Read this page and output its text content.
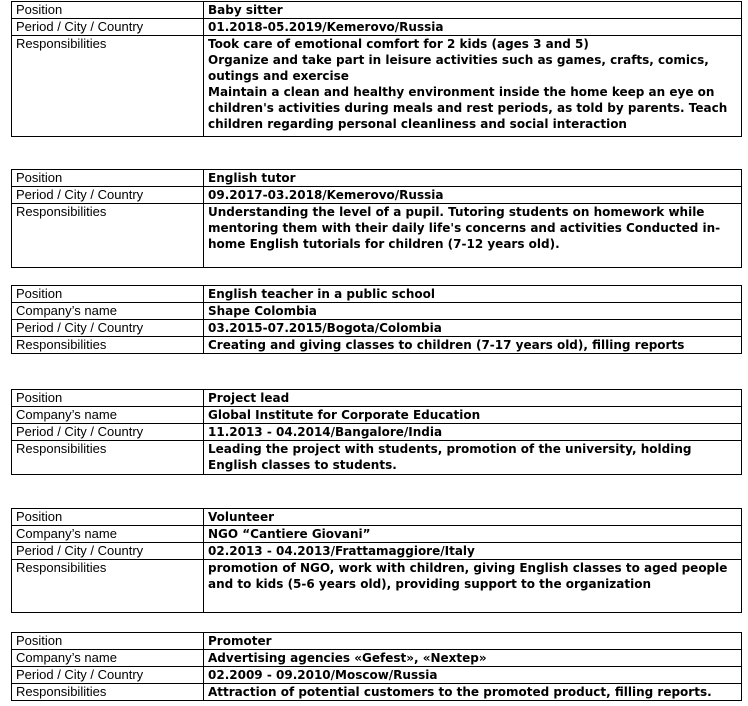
Position	Baby sitter
Period / City / Country	01.2018-05.2019/Kemerovo/Russia
Responsibilities	Took care of emotional comfort for 2 kids (ages 3 and 5)
Organize and take part in leisure activities such as games, crafts, comics, outings and exercise
Maintain a clean and healthy environment inside the home keep an eye on children's activities during meals and rest periods, as told by parents. Teach children regarding personal cleanliness and social interaction
Position	English tutor
Period / City / Country	09.2017-03.2018/Kemerovo/Russia
Responsibilities	Understanding the level of a pupil. Tutoring students on homework while mentoring them with their daily life's concerns and activities Conducted in-home English tutorials for children (7-12 years old).
Position	English teacher in a public school
Company’s name	Shape Colombia
Period / City / Country	03.2015-07.2015/Bogota/Colombia
Responsibilities	Creating and giving classes to children (7-17 years old), filling reports
Position	Project lead
Company’s name	Global Institute for Corporate Education
Period / City / Country	11.2013 - 04.2014/Bangalore/India
Responsibilities	Leading the project with students, promotion of the university, holding English classes to students.
Position	Volunteer
Company’s name	NGO “Cantiere Giovani”
Period / City / Country	02.2013 - 04.2013/Frattamaggiore/Italy
Responsibilities	promotion of NGO, work with children, giving English classes to aged people and to kids (5-6 years old), providing support to the organization
Position	Promoter
Company’s name	Advertising agencies «Gefest», «Nextep»
Period / City / Country	02.2009 - 09.2010/Moscow/Russia
Responsibilities	Attraction of potential customers to the promoted product, filling reports.
